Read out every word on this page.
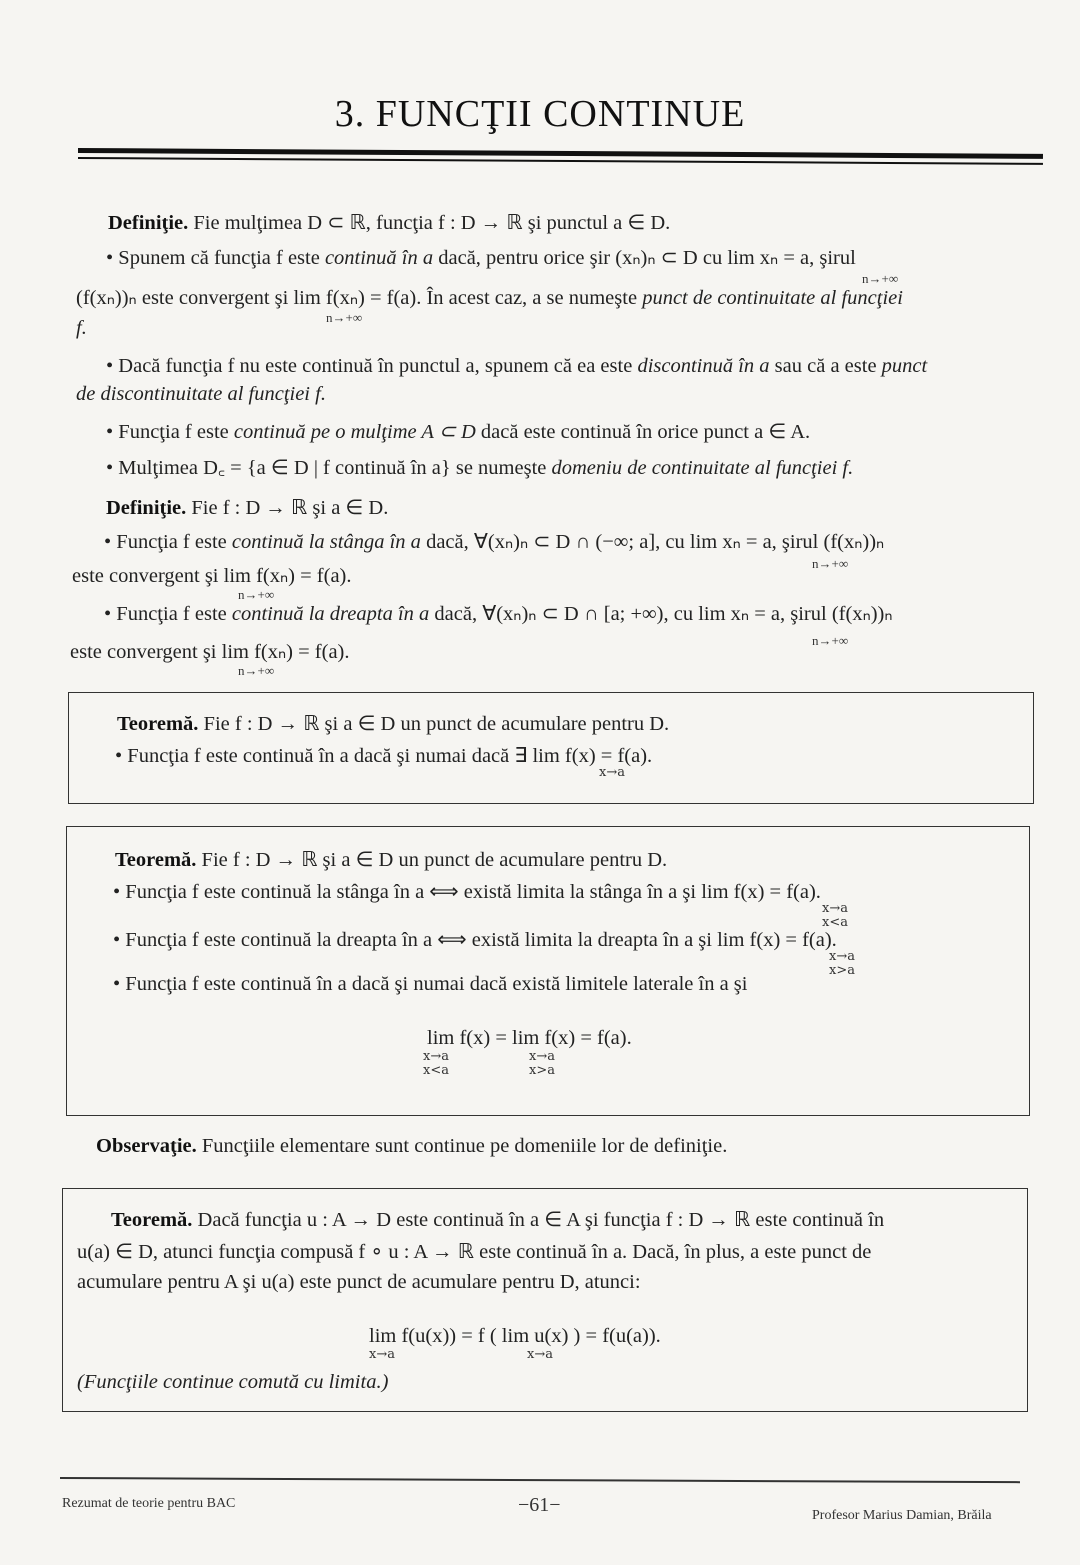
3. FUNCŢII CONTINUE
Definiţie. Fie mulţimea D ⊂ ℝ, funcţia f : D → ℝ şi punctul a ∈ D.
• Spunem că funcţia f este continuă în a dacă, pentru orice şir (xₙ)ₙ ⊂ D cu lim xₙ = a, şirul
n→+∞
(f(xₙ))ₙ este convergent şi lim f(xₙ) = f(a). În acest caz, a se numeşte punct de continuitate al funcţiei
n→+∞
f.
• Dacă funcţia f nu este continuă în punctul a, spunem că ea este discontinuă în a sau că a este punct
de discontinuitate al funcţiei f.
• Funcţia f este continuă pe o mulţime A ⊂ D dacă este continuă în orice punct a ∈ A.
• Mulţimea D꜀ = {a ∈ D | f continuă în a} se numeşte domeniu de continuitate al funcţiei f.
Definiţie. Fie f : D → ℝ şi a ∈ D.
• Funcţia f este continuă la stânga în a dacă, ∀(xₙ)ₙ ⊂ D ∩ (−∞; a], cu lim xₙ = a, şirul (f(xₙ))ₙ
n→+∞
este convergent şi lim f(xₙ) = f(a).
n→+∞
• Funcţia f este continuă la dreapta în a dacă, ∀(xₙ)ₙ ⊂ D ∩ [a; +∞), cu lim xₙ = a, şirul (f(xₙ))ₙ
n→+∞
este convergent şi lim f(xₙ) = f(a).
n→+∞
Teoremă. Fie f : D → ℝ şi a ∈ D un punct de acumulare pentru D.
• Funcţia f este continuă în a dacă şi numai dacă ∃ lim f(x) = f(a).
x→a
Teoremă. Fie f : D → ℝ şi a ∈ D un punct de acumulare pentru D.
• Funcţia f este continuă la stânga în a ⟺ există limita la stânga în a şi lim f(x) = f(a).
x→a
x<a
• Funcţia f este continuă la dreapta în a ⟺ există limita la dreapta în a şi lim f(x) = f(a).
x→a
x>a
• Funcţia f este continuă în a dacă şi numai dacă există limitele laterale în a şi
lim f(x) = lim f(x) = f(a).
x→a
x<a
x→a
x>a
Observaţie. Funcţiile elementare sunt continue pe domeniile lor de definiţie.
Teoremă. Dacă funcţia u : A → D este continuă în a ∈ A şi funcţia f : D → ℝ este continuă în
u(a) ∈ D, atunci funcţia compusă f ∘ u : A → ℝ este continuă în a. Dacă, în plus, a este punct de
acumulare pentru A şi u(a) este punct de acumulare pentru D, atunci:
lim f(u(x)) = f ( lim u(x) ) = f(u(a)).
x→a	x→a
(Funcţiile continue comută cu limita.)
Rezumat de teorie pentru BAC	−61−	Profesor Marius Damian, Brăila
